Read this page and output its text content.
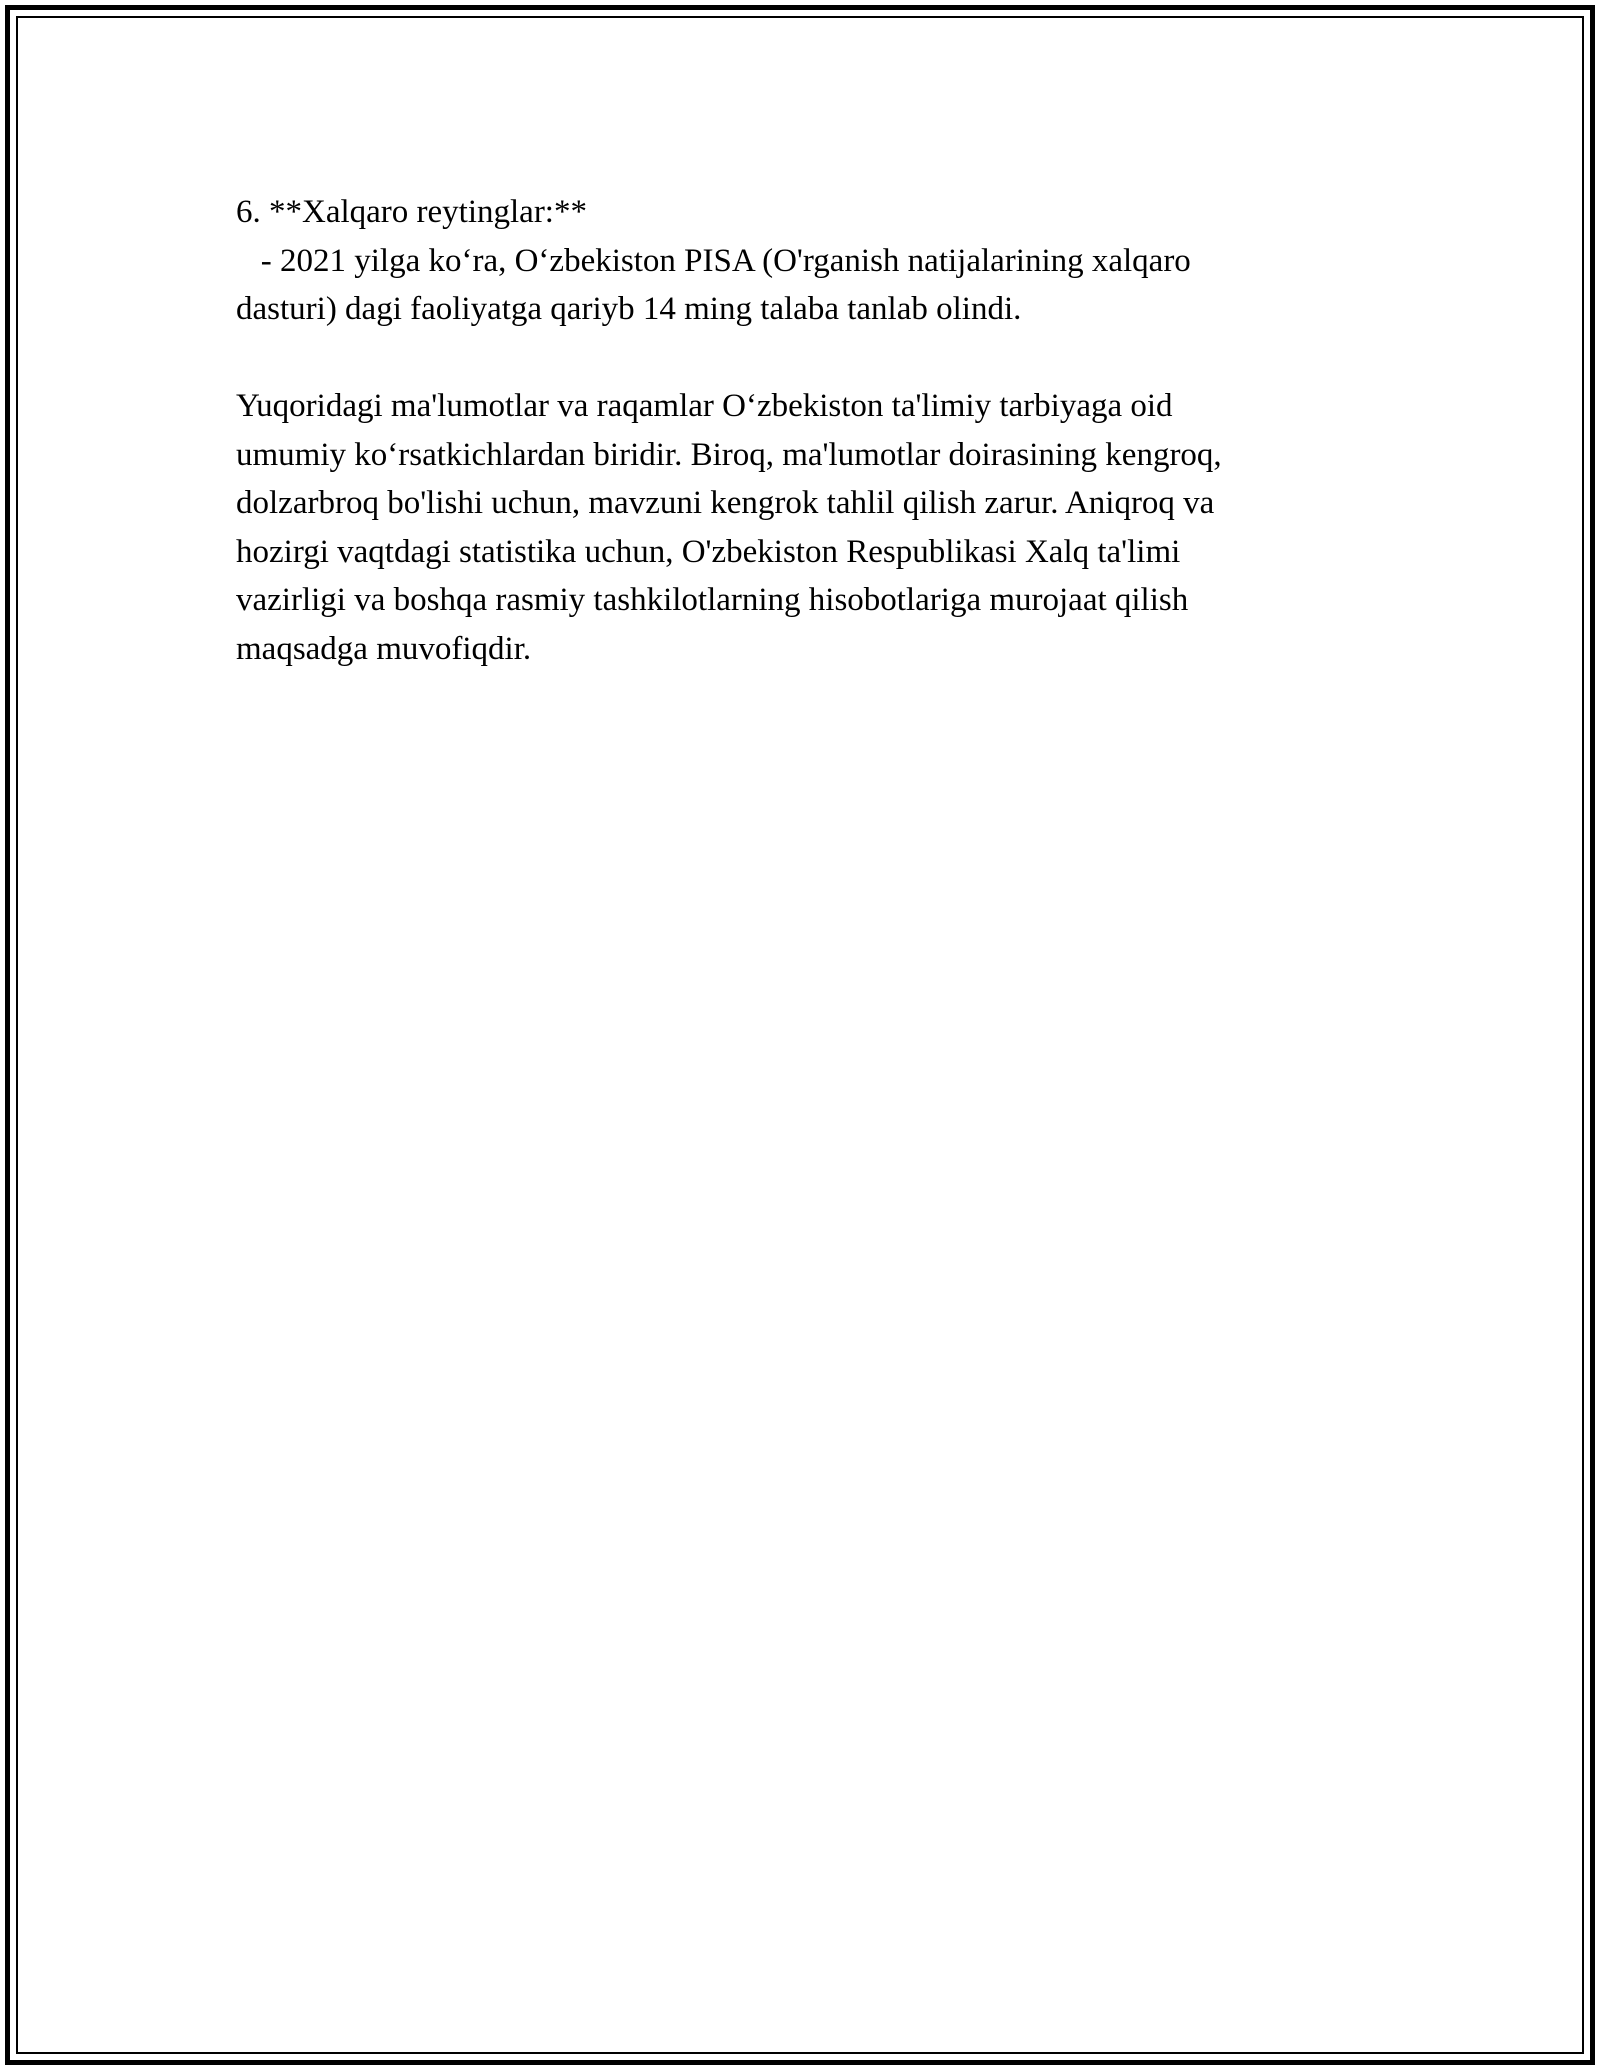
6. **Xalqaro reytinglar:**
- 2021 yilga ko‘ra, O‘zbekiston PISA (O'rganish natijalarining xalqaro
dasturi) dagi faoliyatga qariyb 14 ming talaba tanlab olindi.
Yuqoridagi ma'lumotlar va raqamlar O‘zbekiston ta'limiy tarbiyaga oid
umumiy ko‘rsatkichlardan biridir. Biroq, ma'lumotlar doirasining kengroq,
dolzarbroq bo'lishi uchun, mavzuni kengrok tahlil qilish zarur. Aniqroq va
hozirgi vaqtdagi statistika uchun, O'zbekiston Respublikasi Xalq ta'limi
vazirligi va boshqa rasmiy tashkilotlarning hisobotlariga murojaat qilish
maqsadga muvofiqdir.
